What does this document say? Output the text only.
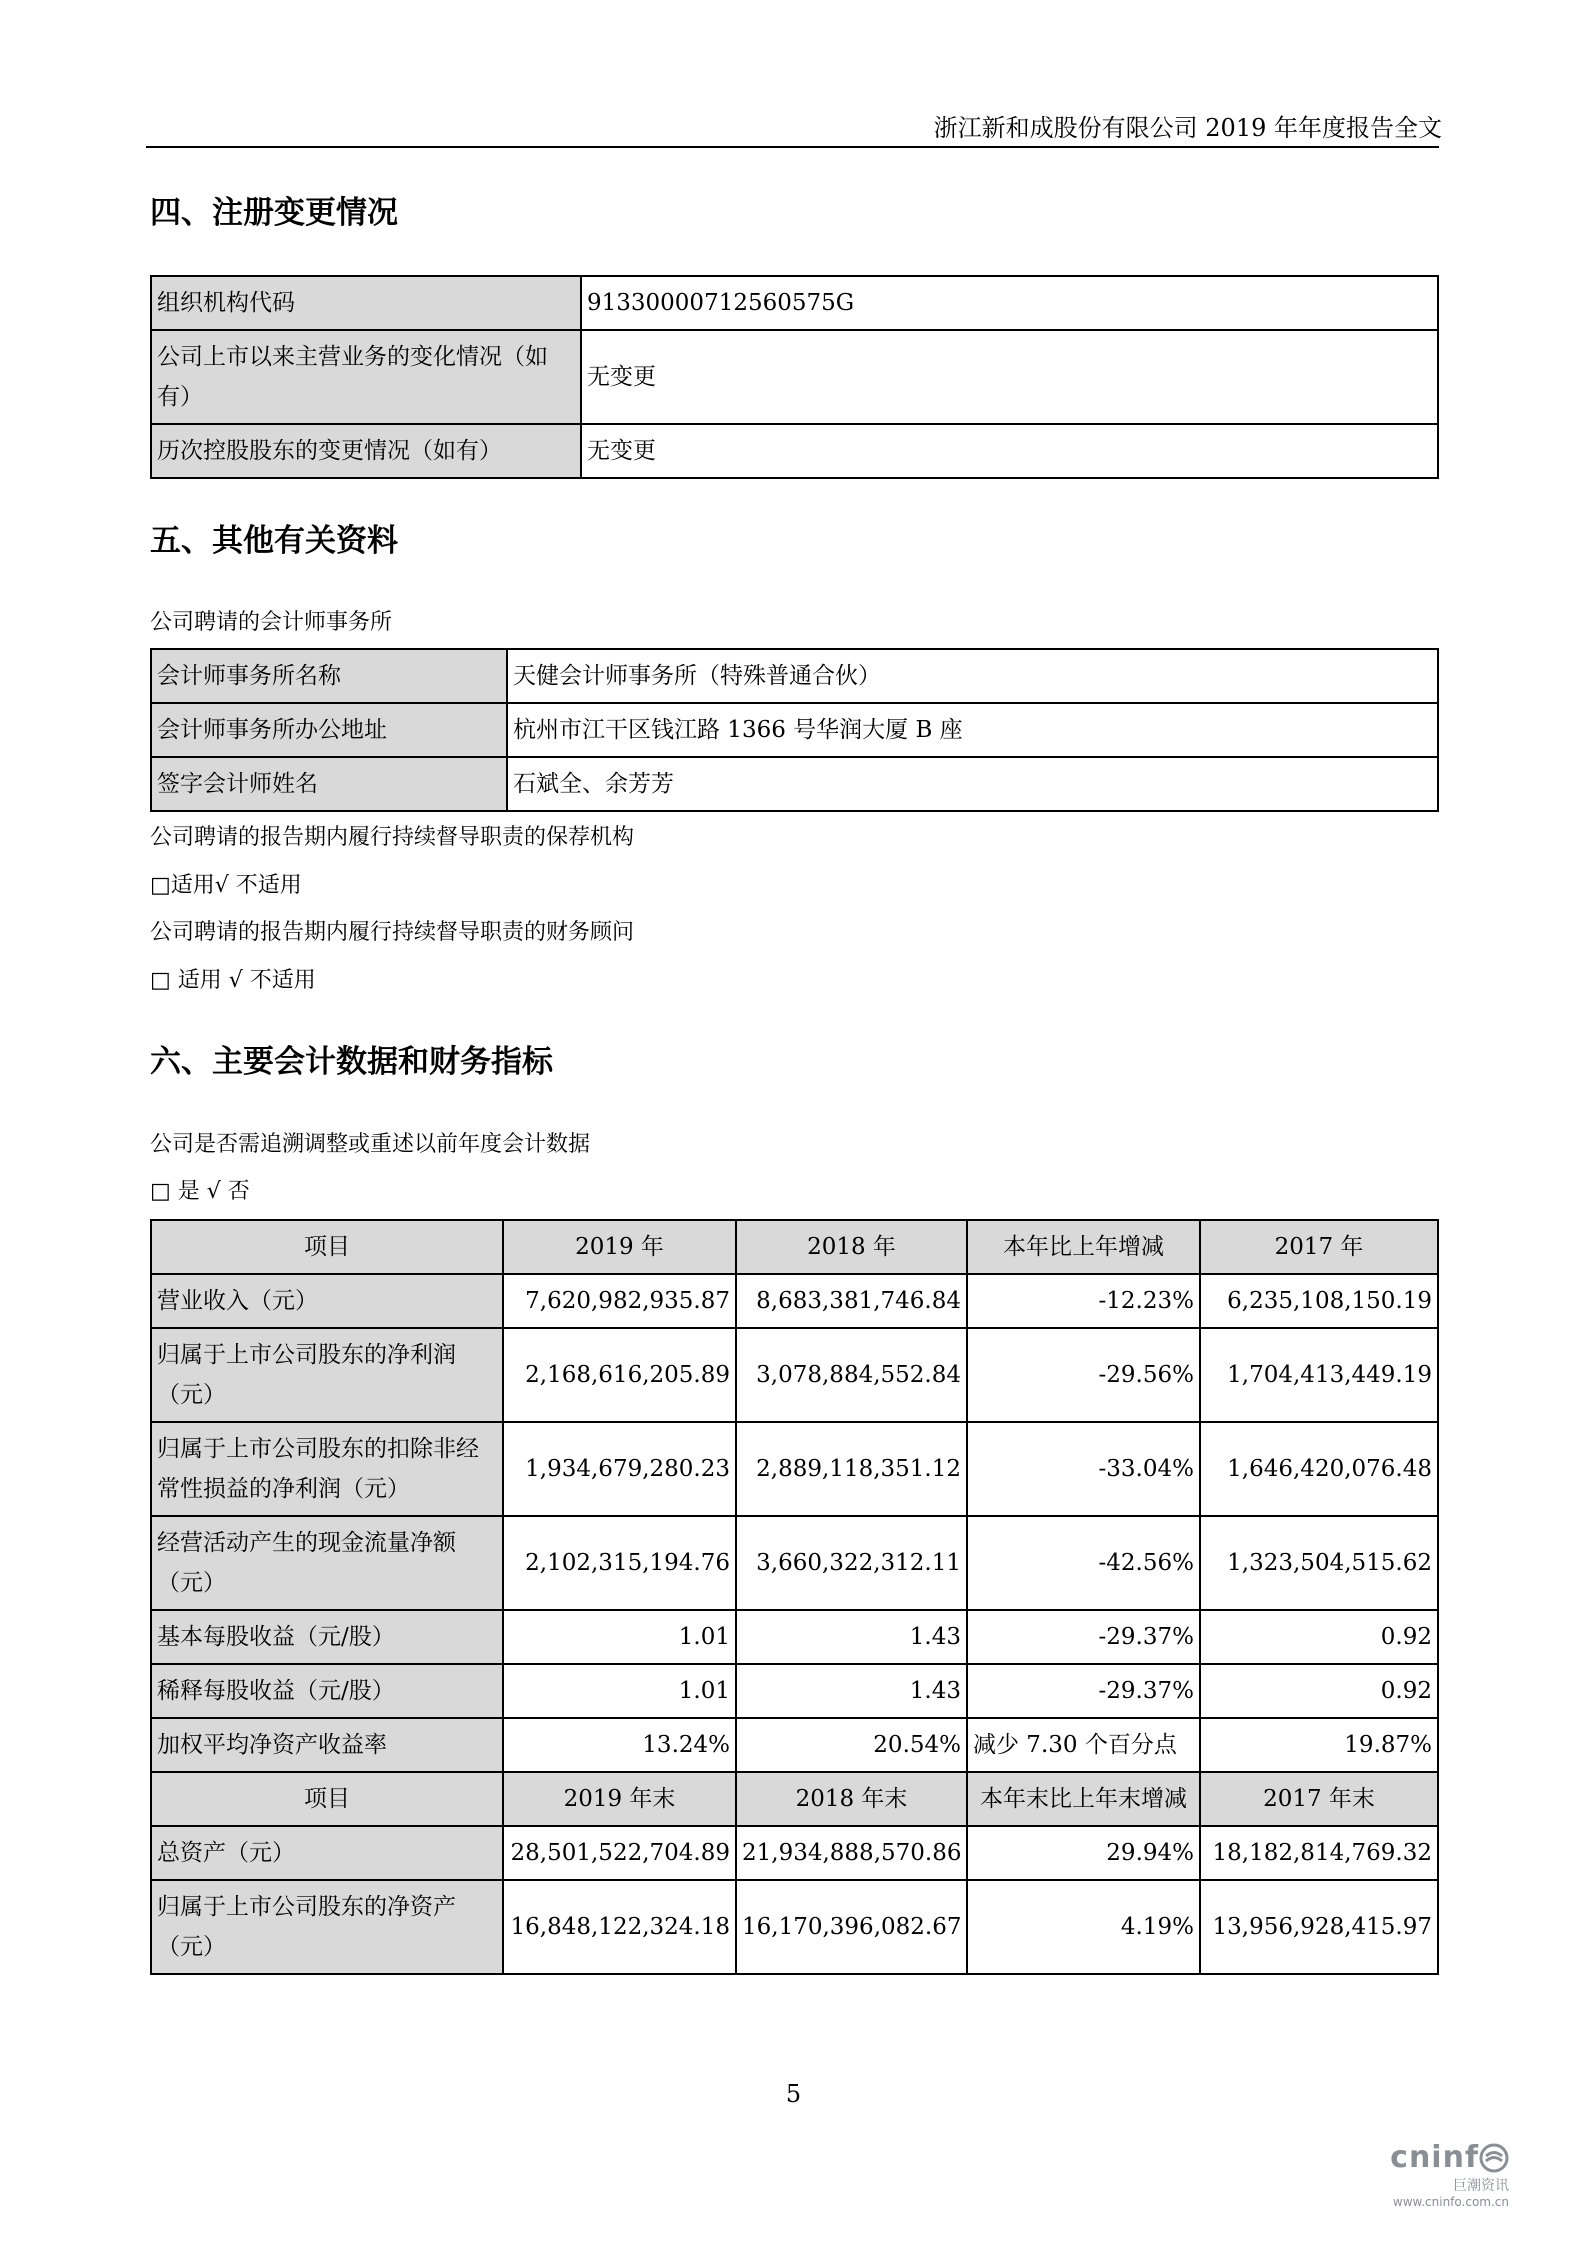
浙江新和成股份有限公司 2019 年年度报告全文
四、注册变更情况
组织机构代码	91330000712560575G
公司上市以来主营业务的变化情况（如有）	无变更
历次控股股东的变更情况（如有）	无变更
五、其他有关资料
公司聘请的会计师事务所
会计师事务所名称	天健会计师事务所（特殊普通合伙）
会计师事务所办公地址	杭州市江干区钱江路 1366 号华润大厦 B 座
签字会计师姓名	石斌全、余芳芳
公司聘请的报告期内履行持续督导职责的保荐机构
□适用√ 不适用
公司聘请的报告期内履行持续督导职责的财务顾问
□ 适用 √ 不适用
六、主要会计数据和财务指标
公司是否需追溯调整或重述以前年度会计数据
□ 是 √ 否
项目	2019 年	2018 年	本年比上年增减	2017 年
营业收入（元）	7,620,982,935.87	8,683,381,746.84	-12.23%	6,235,108,150.19
归属于上市公司股东的净利润（元）	2,168,616,205.89	3,078,884,552.84	-29.56%	1,704,413,449.19
归属于上市公司股东的扣除非经常性损益的净利润（元）	1,934,679,280.23	2,889,118,351.12	-33.04%	1,646,420,076.48
经营活动产生的现金流量净额（元）	2,102,315,194.76	3,660,322,312.11	-42.56%	1,323,504,515.62
基本每股收益（元/股）	1.01	1.43	-29.37%	0.92
稀释每股收益（元/股）	1.01	1.43	-29.37%	0.92
加权平均净资产收益率	13.24%	20.54%	减少 7.30 个百分点	19.87%
项目	2019 年末	2018 年末	本年末比上年末增减	2017 年末
总资产（元）	28,501,522,704.89	21,934,888,570.86	29.94%	18,182,814,769.32
归属于上市公司股东的净资产（元）	16,848,122,324.18	16,170,396,082.67	4.19%	13,956,928,415.97
5
cninf
巨潮资讯
www.cninfo.com.cn
